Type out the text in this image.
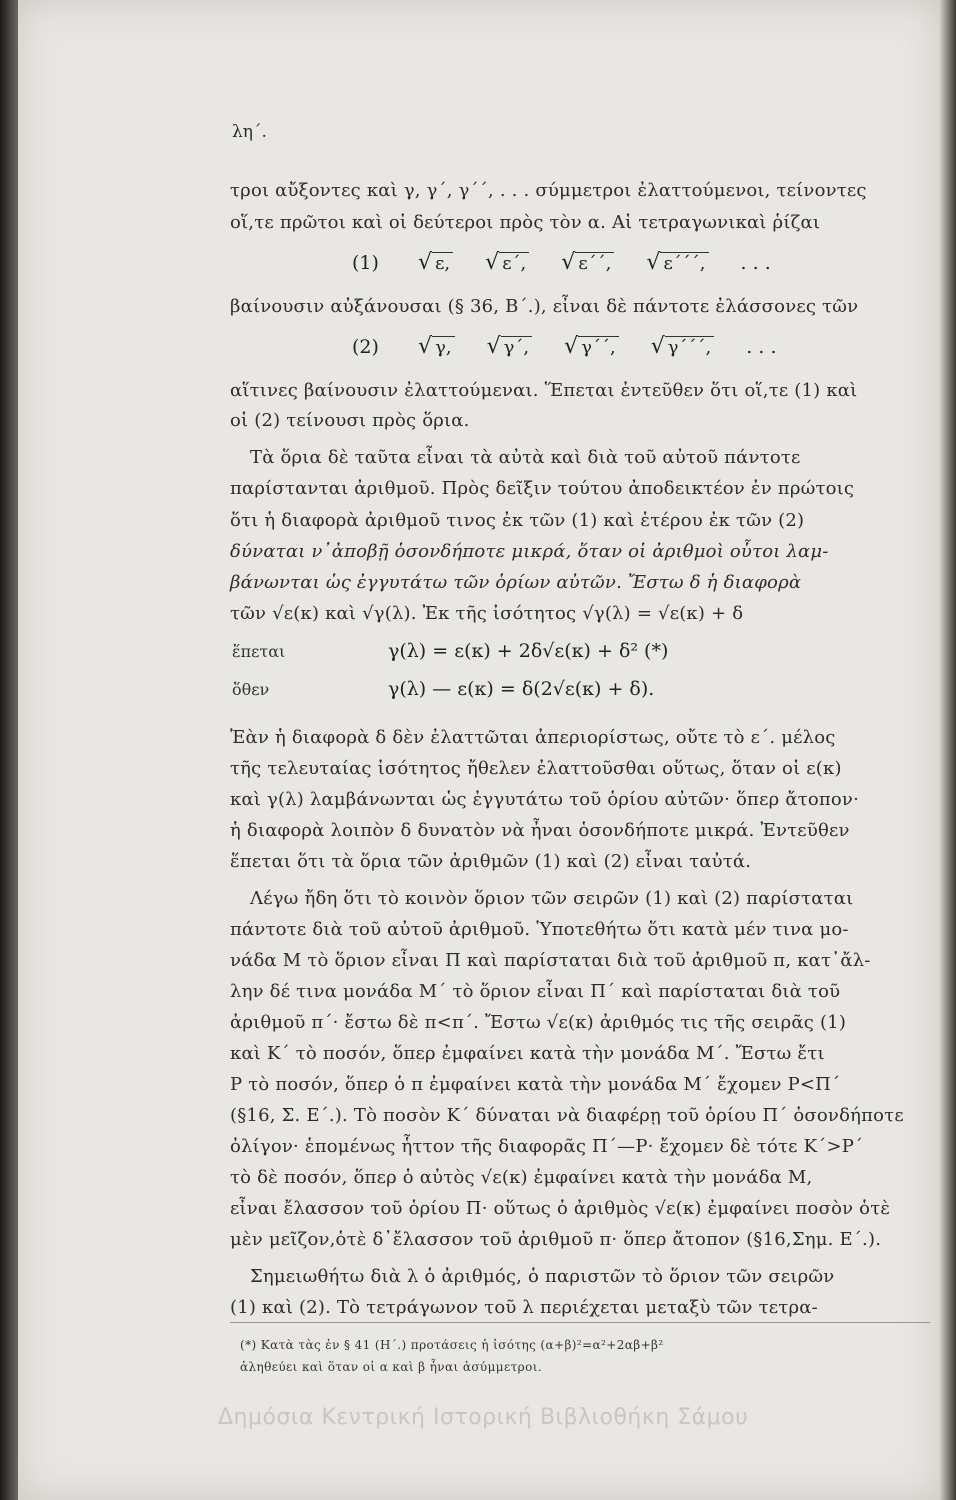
λη΄.
τροι αὔξοντες καὶ γ, γ΄, γ΄΄, . . . σύμμετροι ἐλαττούμενοι, τείνοντες
οἵ,τε πρῶτοι καὶ οἱ δεύτεροι πρὸς τὸν α. Αἱ τετραγωνικαὶ ῥίζαι
(1) √ ε, √ ε΄, √ ε΄΄, √ ε΄΄΄, . . .
βαίνουσιν αὐξάνουσαι (§ 36, Β΄.), εἶναι δὲ πάντοτε ἐλάσσονες τῶν
(2) √ γ, √ γ΄, √ γ΄΄, √ γ΄΄΄, . . .
αἵτινες βαίνουσιν ἐλαττούμεναι. Ἕπεται ἐντεῦθεν ὅτι οἵ,τε (1) καὶ
οἱ (2) τείνουσι πρὸς ὅρια.
Τὰ ὅρια δὲ ταῦτα εἶναι τὰ αὐτὰ καὶ διὰ τοῦ αὐτοῦ πάντοτε
παρίστανται ἀριθμοῦ. Πρὸς δεῖξιν τούτου ἀποδεικτέον ἐν πρώτοις
ὅτι ἡ διαφορὰ ἀριθμοῦ τινος ἐκ τῶν (1) καὶ ἑτέρου ἐκ τῶν (2)
δύναται ν᾽ἀποβῇ ὁσονδήποτε μικρά, ὅταν οἱ ἀριθμοὶ οὗτοι λαμ-
βάνωνται ὡς ἐγγυτάτω τῶν ὁρίων αὐτῶν. Ἔστω δ ἡ διαφορὰ
τῶν √ε(κ) καὶ √γ(λ). Ἐκ τῆς ἰσότητος √γ(λ) = √ε(κ) + δ
ἕπεται	γ(λ) = ε(κ) + 2δ√ε(κ) + δ² (*)
ὅθεν	γ(λ) — ε(κ) = δ(2√ε(κ) + δ).
Ἐὰν ἡ διαφορὰ δ δὲν ἐλαττῶται ἀπεριορίστως, οὔτε τὸ ε΄. μέλος
τῆς τελευταίας ἰσότητος ἤθελεν ἐλαττοῦσθαι οὕτως, ὅταν οἱ ε(κ)
καὶ γ(λ) λαμβάνωνται ὡς ἐγγυτάτω τοῦ ὁρίου αὐτῶν· ὅπερ ἄτοπον·
ἡ διαφορὰ λοιπὸν δ δυνατὸν νὰ ἦναι ὁσονδήποτε μικρά. Ἐντεῦθεν
ἕπεται ὅτι τὰ ὅρια τῶν ἀριθμῶν (1) καὶ (2) εἶναι ταὐτά.
Λέγω ἤδη ὅτι τὸ κοινὸν ὅριον τῶν σειρῶν (1) καὶ (2) παρίσταται
πάντοτε διὰ τοῦ αὐτοῦ ἀριθμοῦ. Ὑποτεθήτω ὅτι κατὰ μέν τινα μο-
νάδα Μ τὸ ὅριον εἶναι Π καὶ παρίσταται διὰ τοῦ ἀριθμοῦ π, κατ᾽ἄλ-
λην δέ τινα μονάδα Μ΄ τὸ ὅριον εἶναι Π΄ καὶ παρίσταται διὰ τοῦ
ἀριθμοῦ π΄· ἔστω δὲ π<π΄. Ἔστω √ε(κ) ἀριθμός τις τῆς σειρᾶς (1)
καὶ Κ΄ τὸ ποσόν, ὅπερ ἐμφαίνει κατὰ τὴν μονάδα Μ΄. Ἔστω ἔτι
Ρ τὸ ποσόν, ὅπερ ὁ π ἐμφαίνει κατὰ τὴν μονάδα Μ΄ ἔχομεν Ρ<Π΄
(§16, Σ. Ε΄.). Τὸ ποσὸν Κ΄ δύναται νὰ διαφέρῃ τοῦ ὁρίου Π΄ ὁσονδήποτε
ὀλίγον· ἑπομένως ἧττον τῆς διαφορᾶς Π΄—Ρ· ἔχομεν δὲ τότε Κ΄>Ρ΄
τὸ δὲ ποσόν, ὅπερ ὁ αὐτὸς √ε(κ) ἐμφαίνει κατὰ τὴν μονάδα Μ,
εἶναι ἔλασσον τοῦ ὁρίου Π· οὕτως ὁ ἀριθμὸς √ε(κ) ἐμφαίνει ποσὸν ὁτὲ
μὲν μεῖζον,ὁτὲ δ᾽ἔλασσον τοῦ ἀριθμοῦ π· ὅπερ ἄτοπον (§16,Σημ. Ε΄.).
Σημειωθήτω διὰ λ ὁ ἀριθμός, ὁ παριστῶν τὸ ὅριον τῶν σειρῶν
(1) καὶ (2). Τὸ τετράγωνον τοῦ λ περιέχεται μεταξὺ τῶν τετρα-
(*) Κατὰ τὰς ἐν § 41 (Η΄.) προτάσεις ἡ ἰσότης (α+β)²=α²+2αβ+β²
ἀληθεύει καὶ ὅταν οἱ α καὶ β ἦναι ἀσύμμετροι.
Δημόσια Κεντρική Ιστορική Βιβλιοθήκη Σάμου
